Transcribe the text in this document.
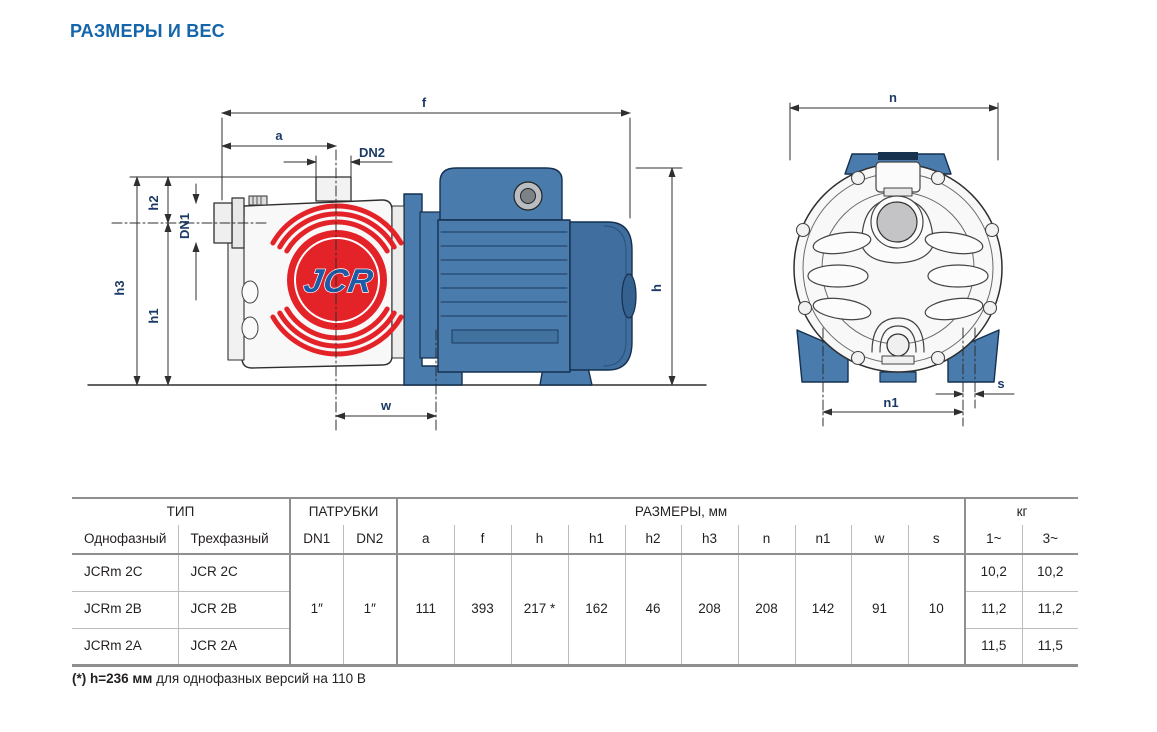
РАЗМЕРЫ И ВЕС
JCR
f
a
DN2
h2
DN1
h3
h1
h
w
n
n1
s
ТИП		ПАТРУБКИ		РАЗМЕРЫ, мм										кг	
Однофазный	Трехфазный	DN1	DN2	a	f	h	h1	h2	h3	n	n1	w	s	1~	3~
JCRm 2C	JCR 2C	1″	1″	111	393	217 *	162	46	208	208	142	91	10	10,2	10,2
JCRm 2B	JCR 2B													11,2	11,2
JCRm 2A	JCR 2A													11,5	11,5
(*) h=236 мм для однофазных версий на 110 В
